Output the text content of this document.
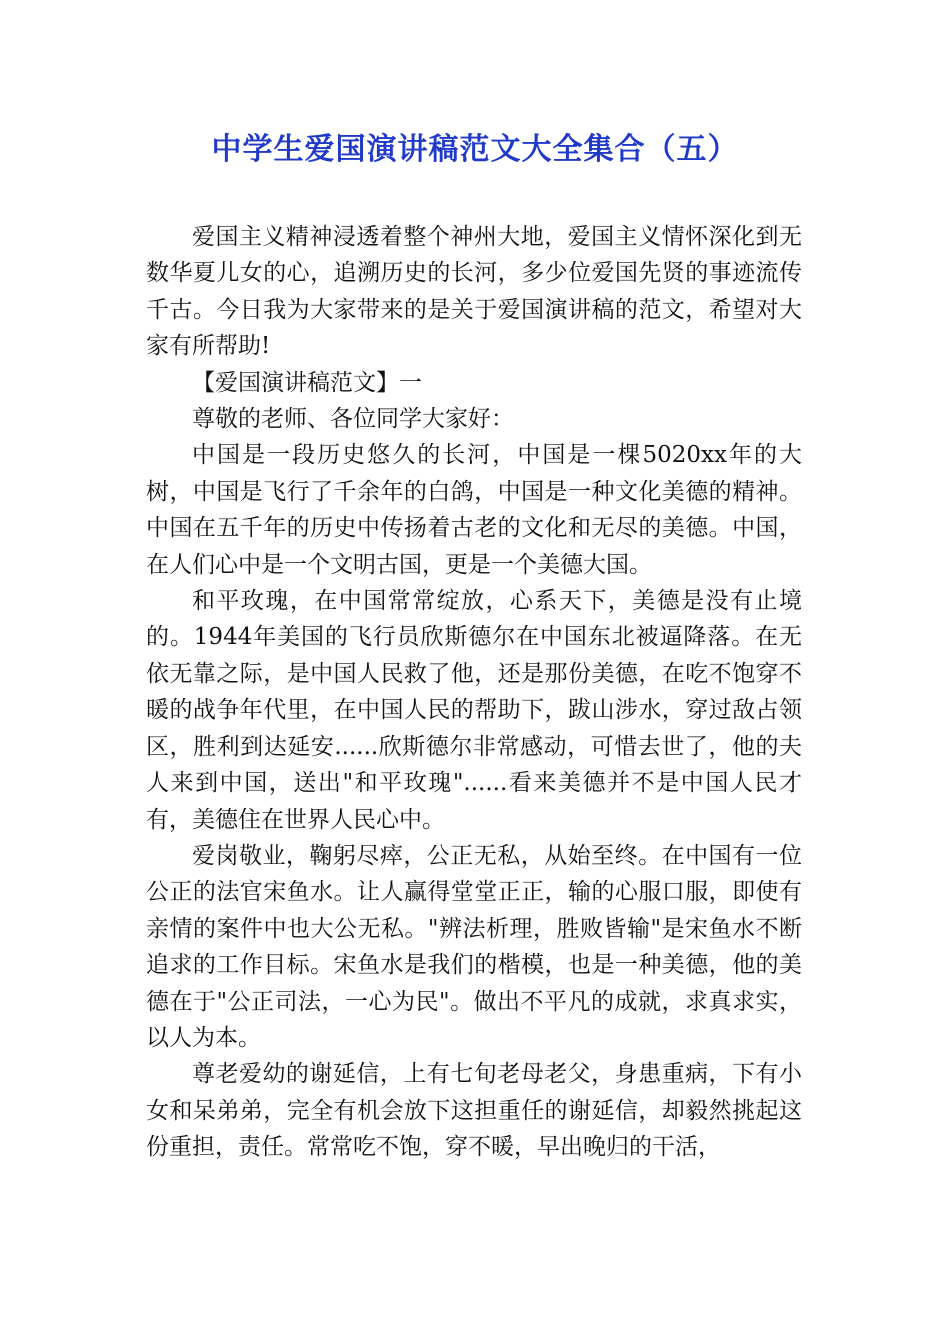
中学生爱国演讲稿范文大全集合（五）

爱国主义精神浸透着整个神州大地，爱国主义情怀深化到无数华夏儿女的心，追溯历史的长河，多少位爱国先贤的事迹流传千古。今日我为大家带来的是关于爱国演讲稿的范文，希望对大家有所帮助!

【爱国演讲稿范文】一

尊敬的老师、各位同学大家好：

中国是一段历史悠久的长河，中国是一棵5020xx年的大树，中国是飞行了千余年的白鸽，中国是一种文化美德的精神。中国在五千年的历史中传扬着古老的文化和无尽的美德。中国，在人们心中是一个文明古国，更是一个美德大国。

和平玫瑰，在中国常常绽放，心系天下，美德是没有止境的。1944年美国的飞行员欣斯德尔在中国东北被逼降落。在无依无靠之际，是中国人民救了他，还是那份美德，在吃不饱穿不暖的战争年代里，在中国人民的帮助下，跋山涉水，穿过敌占领区，胜利到达延安......欣斯德尔非常感动，可惜去世了，他的夫人来到中国，送出"和平玫瑰"......看来美德并不是中国人民才有，美德住在世界人民心中。

爱岗敬业，鞠躬尽瘁，公正无私，从始至终。在中国有一位公正的法官宋鱼水。让人赢得堂堂正正，输的心服口服，即使有亲情的案件中也大公无私。"辨法析理，胜败皆输"是宋鱼水不断追求的工作目标。宋鱼水是我们的楷模，也是一种美德，他的美德在于"公正司法，一心为民"。做出不平凡的成就，求真求实，以人为本。

尊老爱幼的谢延信，上有七旬老母老父，身患重病，下有小女和呆弟弟，完全有机会放下这担重任的谢延信，却毅然挑起这份重担，责任。常常吃不饱，穿不暖，早出晚归的干活，
